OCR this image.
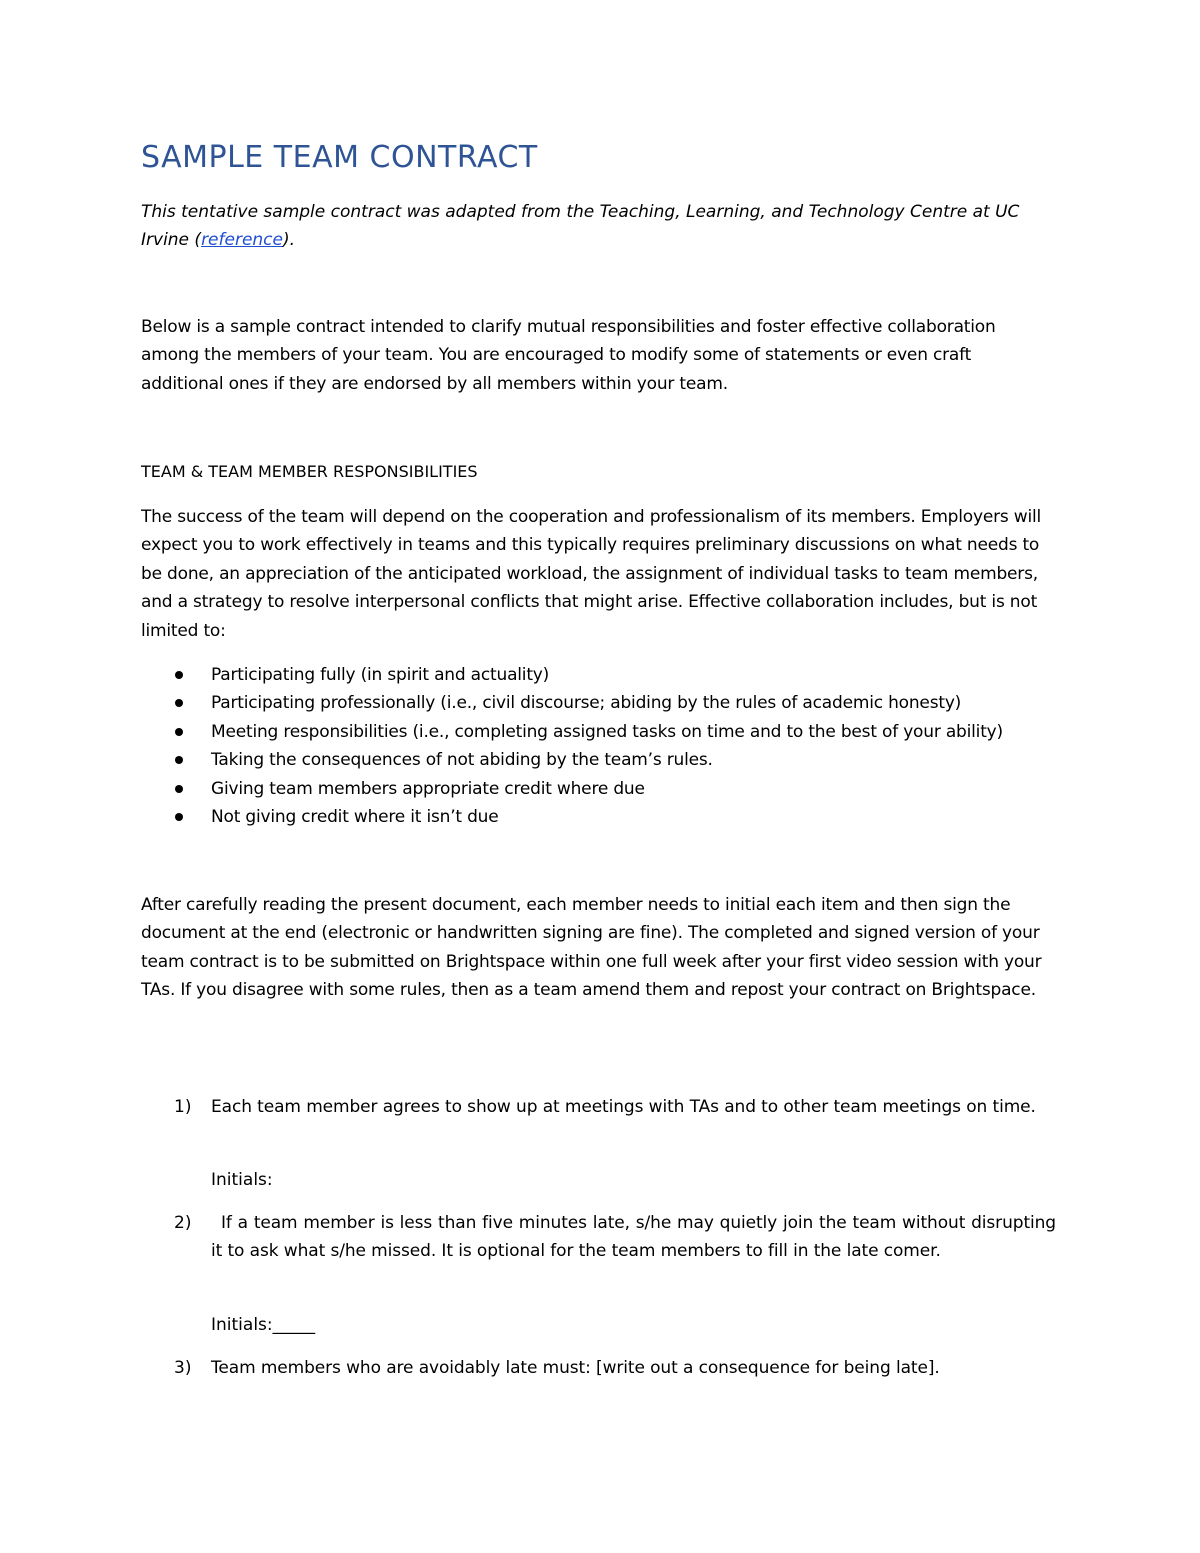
SAMPLE TEAM CONTRACT

This tentative sample contract was adapted from the Teaching, Learning, and Technology Centre at UC Irvine (reference).

Below is a sample contract intended to clarify mutual responsibilities and foster effective collaboration among the members of your team. You are encouraged to modify some of statements or even craft additional ones if they are endorsed by all members within your team.

TEAM & TEAM MEMBER RESPONSIBILITIES

The success of the team will depend on the cooperation and professionalism of its members. Employers will expect you to work effectively in teams and this typically requires preliminary discussions on what needs to be done, an appreciation of the anticipated workload, the assignment of individual tasks to team members, and a strategy to resolve interpersonal conflicts that might arise. Effective collaboration includes, but is not limited to:

Participating fully (in spirit and actuality)
Participating professionally (i.e., civil discourse; abiding by the rules of academic honesty)
Meeting responsibilities (i.e., completing assigned tasks on time and to the best of your ability)
Taking the consequences of not abiding by the team’s rules.
Giving team members appropriate credit where due
Not giving credit where it isn’t due

After carefully reading the present document, each member needs to initial each item and then sign the document at the end (electronic or handwritten signing are fine). The completed and signed version of your team contract is to be submitted on Brightspace within one full week after your first video session with your TAs. If you disagree with some rules, then as a team amend them and repost your contract on Brightspace.

1) Each team member agrees to show up at meetings with TAs and to other team meetings on time.

Initials:
2)	If a team member is less than five minutes late, s/he may quietly join the team without disrupting it to ask what s/he missed. It is optional for the team members to fill in the late comer.

Initials:_____
3) Team members who are avoidably late must: [write out a consequence for being late].
